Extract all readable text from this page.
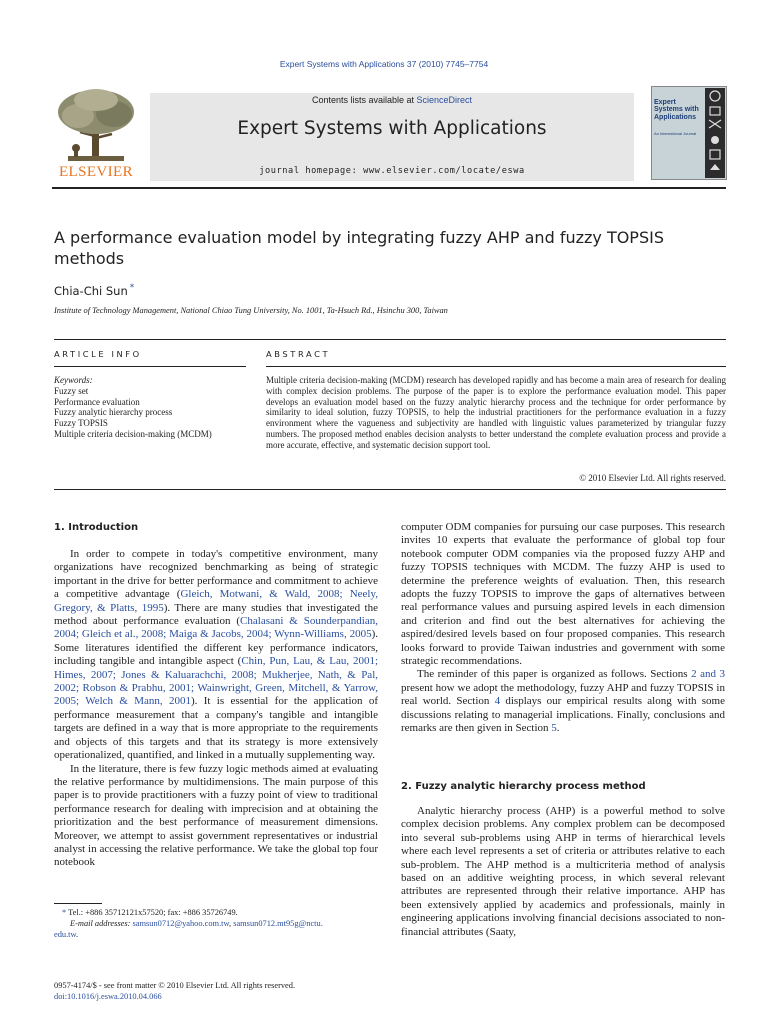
Expert Systems with Applications 37 (2010) 7745–7754
ELSEVIER
Contents lists available at ScienceDirect
Expert Systems with Applications
journal homepage: www.elsevier.com/locate/eswa
Expert Systems with Applications
An International Journal
A performance evaluation model by integrating fuzzy AHP and fuzzy TOPSIS methods
Chia-Chi Sun *
Institute of Technology Management, National Chiao Tung University, No. 1001, Ta-Hsuch Rd., Hsinchu 300, Taiwan
ARTICLE INFO
Keywords:
Fuzzy set
Performance evaluation
Fuzzy analytic hierarchy process
Fuzzy TOPSIS
Multiple criteria decision-making (MCDM)
ABSTRACT
Multiple criteria decision-making (MCDM) research has developed rapidly and has become a main area of research for dealing with complex decision problems. The purpose of the paper is to explore the performance evaluation model. This paper develops an evaluation model based on the fuzzy analytic hierarchy process and the technique for order performance by similarity to ideal solution, fuzzy TOPSIS, to help the industrial practitioners for the performance evaluation in a fuzzy environment where the vagueness and subjectivity are handled with linguistic values parameterized by triangular fuzzy numbers. The proposed method enables decision analysts to better understand the complete evaluation process and provide a more accurate, effective, and systematic decision support tool.
© 2010 Elsevier Ltd. All rights reserved.
1. Introduction

In order to compete in today's competitive environment, many organizations have recognized benchmarking as being of strategic important in the drive for better performance and commitment to achieve a competitive advantage (Gleich, Motwani, & Wald, 2008; Neely, Gregory, & Platts, 1995). There are many studies that investigated the method about performance evaluation (Chalasani & Sounderpandian, 2004; Gleich et al., 2008; Maiga & Jacobs, 2004; Wynn-Williams, 2005). Some literatures identified the different key performance indicators, including tangible and intangible aspect (Chin, Pun, Lau, & Lau, 2001; Himes, 2007; Jones & Kaluarachchi, 2008; Mukherjee, Nath, & Pal, 2002; Robson & Prabhu, 2001; Wainwright, Green, Mitchell, & Yarrow, 2005; Welch & Mann, 2001). It is essential for the application of performance measurement that a company's tangible and intangible targets are defined in a way that is more appropriate to the requirements and objects of this targets and that its strategy is more extensively operationalized, quantified, and linked in a mutually supplementing way.

In the literature, there is few fuzzy logic methods aimed at evaluating the relative performance by multidimensions. The main purpose of this paper is to provide practitioners with a fuzzy point of view to traditional performance research for dealing with imprecision and at obtaining the prioritization and the best performance of measurement dimensions. Moreover, we attempt to assist government representatives or industrial analyst in accessing the relative performance. We take the global top four notebook

* Tel.: +886 35712121x57520; fax: +886 35726749.
E-mail addresses: samsun0712@yahoo.com.tw, samsun0712.mt95g@nctu.
edu.tw.

computer ODM companies for pursuing our case purposes. This research invites 10 experts that evaluate the performance of global top four notebook computer ODM companies via the proposed fuzzy AHP and fuzzy TOPSIS techniques with MCDM. The fuzzy AHP is used to determine the preference weights of evaluation. Then, this research adopts the fuzzy TOPSIS to improve the gaps of alternatives between real performance values and pursuing aspired levels in each dimension and criterion and find out the best alternatives for achieving the aspired/desired levels based on four proposed companies. This research looks forward to provide Taiwan industries and government with some strategic recommendations.

The reminder of this paper is organized as follows. Sections 2 and 3 present how we adopt the methodology, fuzzy AHP and fuzzy TOPSIS in real world. Section 4 displays our empirical results along with some discussions relating to managerial implications. Finally, conclusions and remarks are then given in Section 5.

2. Fuzzy analytic hierarchy process method

Analytic hierarchy process (AHP) is a powerful method to solve complex decision problems. Any complex problem can be decomposed into several sub-problems using AHP in terms of hierarchical levels where each level represents a set of criteria or attributes relative to each sub-problem. The AHP method is a multicriteria method of analysis based on an additive weighting process, in which several relevant attributes are represented through their relative importance. AHP has been extensively applied by academics and professionals, mainly in engineering applications involving financial decisions associated to non-financial attributes (Saaty,

0957-4174/$ - see front matter © 2010 Elsevier Ltd. All rights reserved.
doi:10.1016/j.eswa.2010.04.066
